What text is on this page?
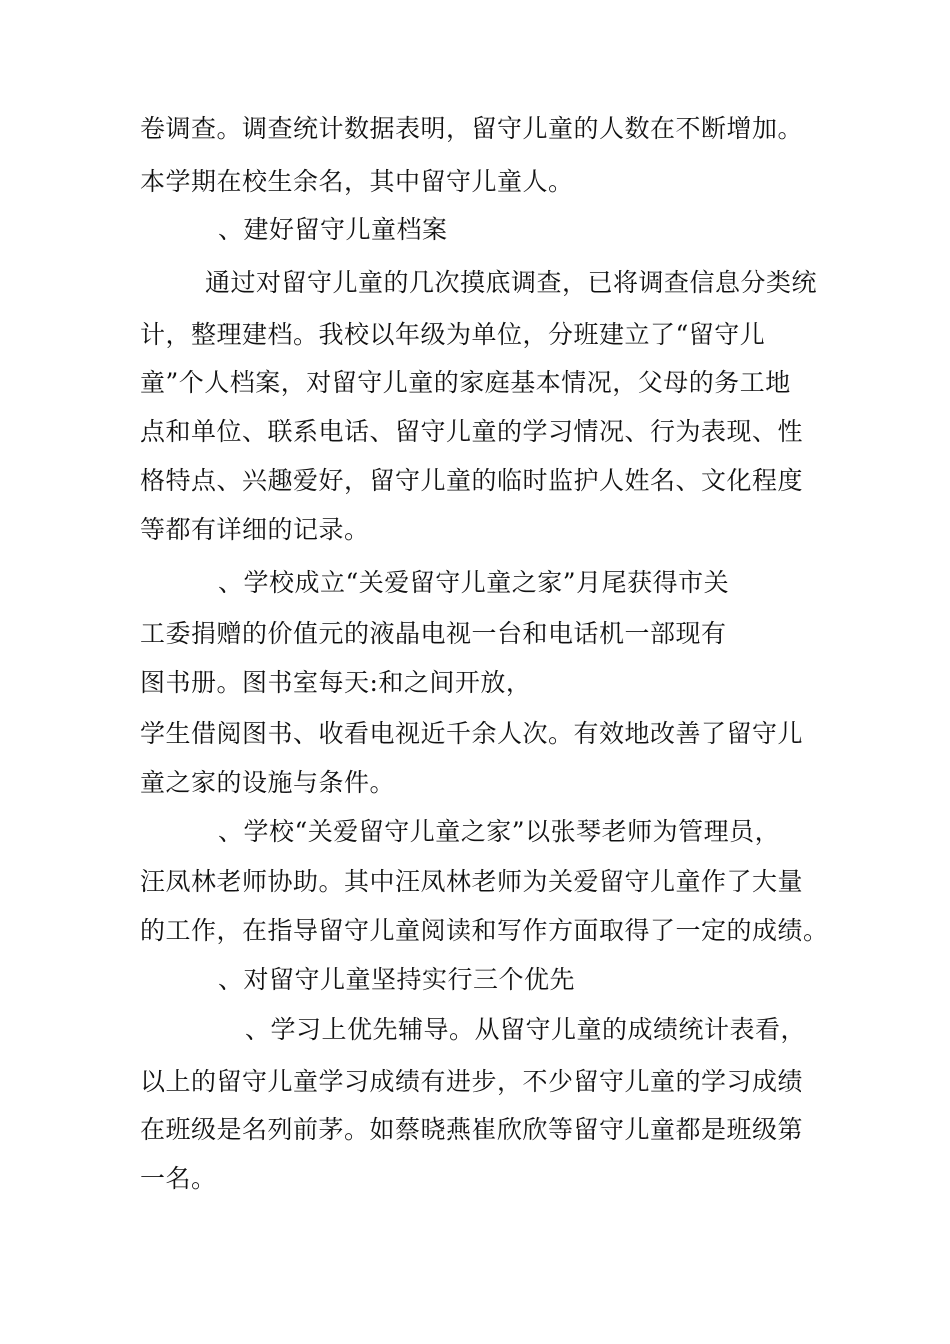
卷调查。调查统计数据表明，留守儿童的人数在不断增加。
本学期在校生余名，其中留守儿童人。
、建好留守儿童档案
通过对留守儿童的几次摸底调查，已将调查信息分类统
计，整理建档。我校以年级为单位，分班建立了“留守儿
童”个人档案，对留守儿童的家庭基本情况，父母的务工地
点和单位、联系电话、留守儿童的学习情况、行为表现、性
格特点、兴趣爱好，留守儿童的临时监护人姓名、文化程度
等都有详细的记录。
、学校成立“关爱留守儿童之家”月尾获得市关
工委捐赠的价值元的液晶电视一台和电话机一部现有
图书册。图书室每天:和之间开放，
学生借阅图书、收看电视近千余人次。有效地改善了留守儿
童之家的设施与条件。
、学校“关爱留守儿童之家”以张琴老师为管理员，
汪凤林老师协助。其中汪凤林老师为关爱留守儿童作了大量
的工作，在指导留守儿童阅读和写作方面取得了一定的成绩。
、对留守儿童坚持实行三个优先
、学习上优先辅导。从留守儿童的成绩统计表看，
以上的留守儿童学习成绩有进步，不少留守儿童的学习成绩
在班级是名列前茅。如蔡晓燕崔欣欣等留守儿童都是班级第
一名。
